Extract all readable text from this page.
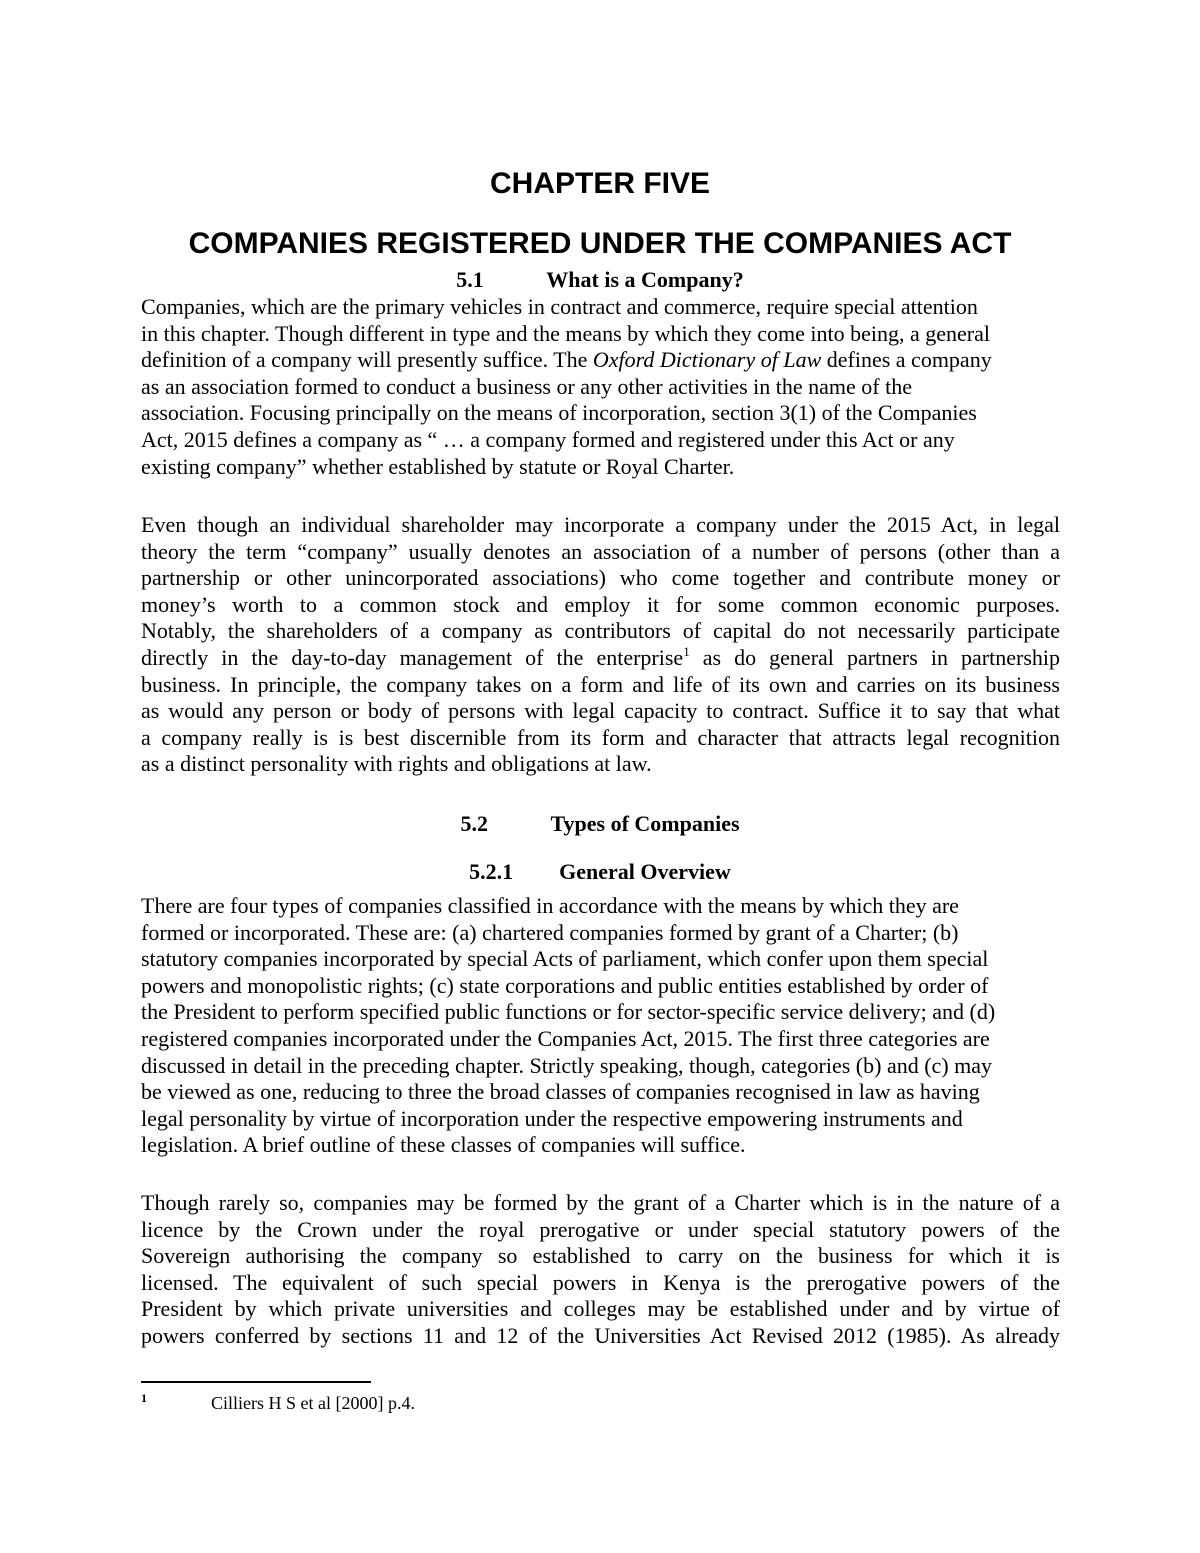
CHAPTER FIVE
COMPANIES REGISTERED UNDER THE COMPANIES ACT
5.1	What is a Company?
Companies, which are the primary vehicles in contract and commerce, require special attention
in this chapter. Though different in type and the means by which they come into being, a general
definition of a company will presently suffice. The Oxford Dictionary of Law defines a company
as an association formed to conduct a business or any other activities in the name of the
association. Focusing principally on the means of incorporation, section 3(1) of the Companies
Act, 2015 defines a company as “ … a company formed and registered under this Act or any
existing company” whether established by statute or Royal Charter.
Even though an individual shareholder may incorporate a company under the 2015 Act, in legal
theory the term “company” usually denotes an association of a number of persons (other than a
partnership or other unincorporated associations) who come together and contribute money or
money’s worth to a common stock and employ it for some common economic purposes.
Notably, the shareholders of a company as contributors of capital do not necessarily participate
directly in the day-to-day management of the enterprise$^1$ as do general partners in partnership
business. In principle, the company takes on a form and life of its own and carries on its business
as would any person or body of persons with legal capacity to contract. Suffice it to say that what
a company really is is best discernible from its form and character that attracts legal recognition
as a distinct personality with rights and obligations at law.
5.2	Types of Companies
5.2.1 General Overview
There are four types of companies classified in accordance with the means by which they are
formed or incorporated. These are: (a) chartered companies formed by grant of a Charter; (b)
statutory companies incorporated by special Acts of parliament, which confer upon them special
powers and monopolistic rights; (c) state corporations and public entities established by order of
the President to perform specified public functions or for sector-specific service delivery; and (d)
registered companies incorporated under the Companies Act, 2015. The first three categories are
discussed in detail in the preceding chapter. Strictly speaking, though, categories (b) and (c) may
be viewed as one, reducing to three the broad classes of companies recognised in law as having
legal personality by virtue of incorporation under the respective empowering instruments and
legislation. A brief outline of these classes of companies will suffice.
Though rarely so, companies may be formed by the grant of a Charter which is in the nature of a
licence by the Crown under the royal prerogative or under special statutory powers of the
Sovereign authorising the company so established to carry on the business for which it is
licensed. The equivalent of such special powers in Kenya is the prerogative powers of the
President by which private universities and colleges may be established under and by virtue of
powers conferred by sections 11 and 12 of the Universities Act Revised 2012 (1985). As already
1	Cilliers H S et al [2000] p.4.
